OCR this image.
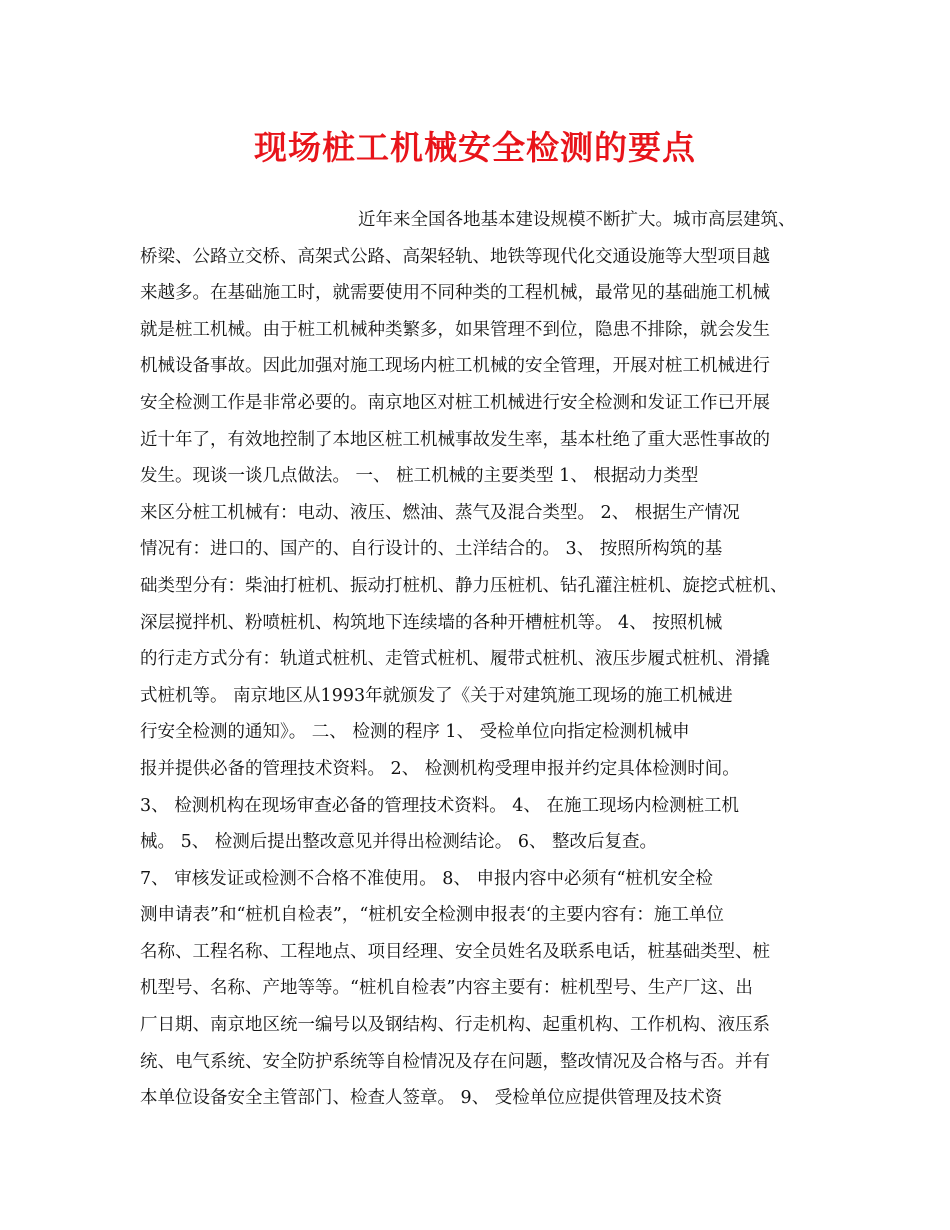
现场桩工机械安全检测的要点
近年来全国各地基本建设规模不断扩大。城市高层建筑、
桥梁、公路立交桥、高架式公路、高架轻轨、地铁等现代化交通设施等大型项目越
来越多。在基础施工时，就需要使用不同种类的工程机械，最常见的基础施工机械
就是桩工机械。由于桩工机械种类繁多，如果管理不到位，隐患不排除，就会发生
机械设备事故。因此加强对施工现场内桩工机械的安全管理，开展对桩工机械进行
安全检测工作是非常必要的。南京地区对桩工机械进行安全检测和发证工作已开展
近十年了，有效地控制了本地区桩工机械事故发生率，基本杜绝了重大恶性事故的
发生。现谈一谈几点做法。 一、 桩工机械的主要类型 1、 根据动力类型
来区分桩工机械有：电动、液压、燃油、蒸气及混合类型。 2、 根据生产情况
情况有：进口的、国产的、自行设计的、土洋结合的。 3、 按照所构筑的基
础类型分有：柴油打桩机、振动打桩机、静力压桩机、钻孔灌注桩机、旋挖式桩机、
深层搅拌机、粉喷桩机、构筑地下连续墙的各种开槽桩机等。 4、 按照机械
的行走方式分有：轨道式桩机、走管式桩机、履带式桩机、液压步履式桩机、滑撬
式桩机等。 南京地区从1993年就颁发了《关于对建筑施工现场的施工机械进
行安全检测的通知》。 二、 检测的程序 1、 受检单位向指定检测机械申
报并提供必备的管理技术资料。 2、 检测机构受理申报并约定具体检测时间。
3、 检测机构在现场审查必备的管理技术资料。 4、 在施工现场内检测桩工机
械。 5、 检测后提出整改意见并得出检测结论。 6、 整改后复查。
7、 审核发证或检测不合格不准使用。 8、 申报内容中必须有“桩机安全检
测申请表”和“桩机自检表”，“桩机安全检测申报表‘的主要内容有：施工单位
名称、工程名称、工程地点、项目经理、安全员姓名及联系电话，桩基础类型、桩
机型号、名称、产地等等。“桩机自检表”内容主要有：桩机型号、生产厂这、出
厂日期、南京地区统一编号以及钢结构、行走机构、起重机构、工作机构、液压系
统、电气系统、安全防护系统等自检情况及存在问题，整改情况及合格与否。并有
本单位设备安全主管部门、检查人签章。 9、 受检单位应提供管理及技术资
